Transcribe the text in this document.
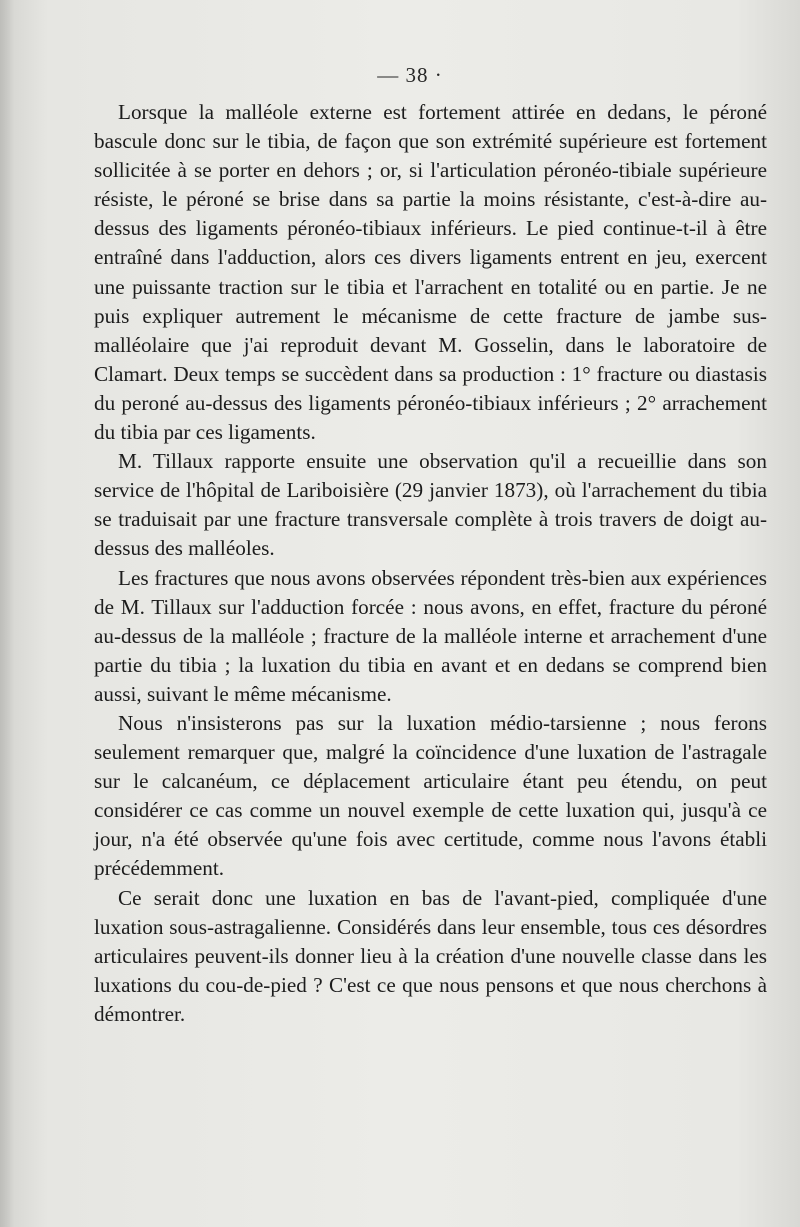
— 38 ·

Lorsque la malléole externe est fortement attirée en dedans, le péroné bascule donc sur le tibia, de façon que son extrémité supérieure est fortement sollicitée à se porter en dehors ; or, si l'articulation péronéo-tibiale supérieure résiste, le péroné se brise dans sa partie la moins résistante, c'est-à-dire au-dessus des ligaments péronéo-tibiaux inférieurs. Le pied continue-t-il à être entraîné dans l'adduction, alors ces divers ligaments entrent en jeu, exercent une puissante traction sur le tibia et l'arrachent en totalité ou en partie. Je ne puis expliquer autrement le mécanisme de cette fracture de jambe sus-malléolaire que j'ai reproduit devant M. Gosselin, dans le laboratoire de Clamart. Deux temps se succèdent dans sa production : 1° fracture ou diastasis du peroné au-dessus des ligaments péronéo-tibiaux inférieurs ; 2° arrachement du tibia par ces ligaments.

M. Tillaux rapporte ensuite une observation qu'il a recueillie dans son service de l'hôpital de Lariboisière (29 janvier 1873), où l'arrachement du tibia se traduisait par une fracture transversale complète à trois travers de doigt au-dessus des malléoles.

Les fractures que nous avons observées répondent très-bien aux expériences de M. Tillaux sur l'adduction forcée : nous avons, en effet, fracture du péroné au-dessus de la malléole ; fracture de la malléole interne et arrachement d'une partie du tibia ; la luxation du tibia en avant et en dedans se comprend bien aussi, suivant le même mécanisme.

Nous n'insisterons pas sur la luxation médio-tarsienne ; nous ferons seulement remarquer que, malgré la coïncidence d'une luxation de l'astragale sur le calcanéum, ce déplacement articulaire étant peu étendu, on peut considérer ce cas comme un nouvel exemple de cette luxation qui, jusqu'à ce jour, n'a été observée qu'une fois avec certitude, comme nous l'avons établi précédemment.

Ce serait donc une luxation en bas de l'avant-pied, compliquée d'une luxation sous-astragalienne. Considérés dans leur ensemble, tous ces désordres articulaires peuvent-ils donner lieu à la création d'une nouvelle classe dans les luxations du cou-de-pied ? C'est ce que nous pensons et que nous cherchons à démontrer.
